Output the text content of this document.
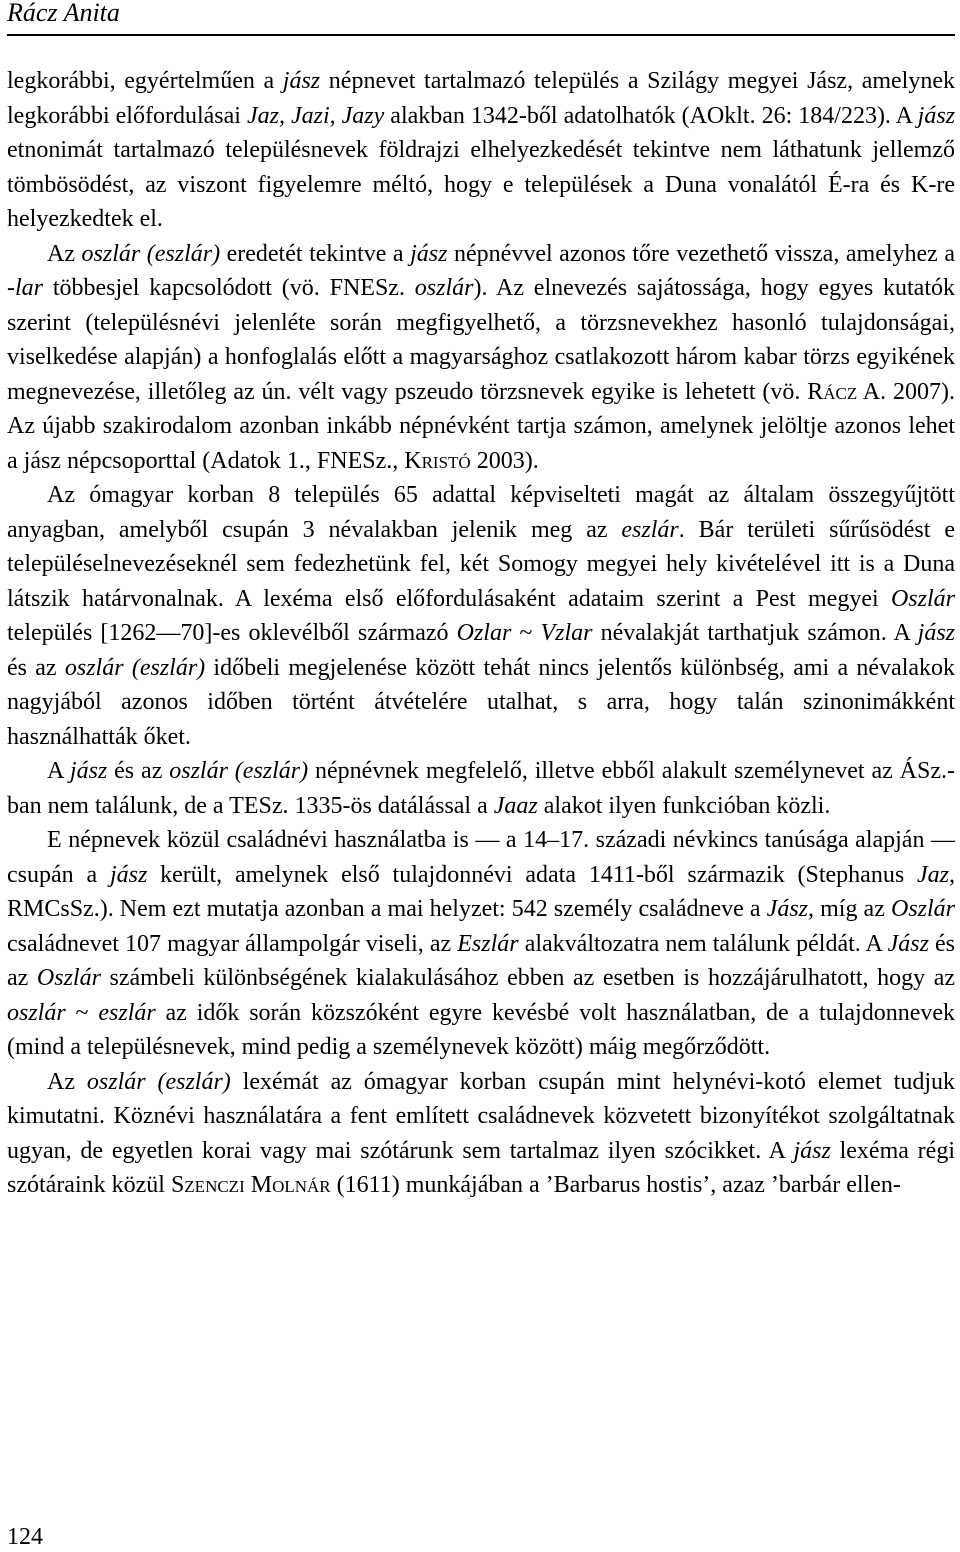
Rácz Anita

legkorábbi, egyértelműen a jász népnevet tartalmazó település a Szilágy megyei Jász, amelynek legkorábbi előfordulásai Jaz, Jazi, Jazy alakban 1342-ből adatolhatók (AOklt. 26: 184/223). A jász etnonimát tartalmazó településnevek földrajzi elhelyezkedését tekintve nem láthatunk jellemző tömbösödést, az viszont figyelemre méltó, hogy e települések a Duna vonalától É-ra és K-re helyezkedtek el.

Az oszlár (eszlár) eredetét tekintve a jász népnévvel azonos tőre vezethető vissza, amelyhez a -lar többesjel kapcsolódott (vö. FNESz. oszlár). Az elnevezés sajátossága, hogy egyes kutatók szerint (településnévi jelenléte során megfigyelhető, a törzsnevekhez hasonló tulajdonságai, viselkedése alapján) a honfoglalás előtt a magyarsághoz csatlakozott három kabar törzs egyikének megnevezése, illetőleg az ún. vélt vagy pszeudo törzsnevek egyike is lehetett (vö. Rácz A. 2007). Az újabb szakirodalom azonban inkább népnévként tartja számon, amelynek jelöltje azonos lehet a jász népcsoporttal (Adatok 1., FNESz., Kristó 2003).

Az ómagyar korban 8 település 65 adattal képviselteti magát az általam összegyűjtött anyagban, amelyből csupán 3 névalakban jelenik meg az eszlár. Bár területi sűrűsödést e településelnevezéseknél sem fedezhetünk fel, két Somogy megyei hely kivételével itt is a Duna látszik határvonalnak. A lexéma első előfordulásaként adataim szerint a Pest megyei Oszlár település [1262—70]-es oklevélből származó Ozlar ~ Vzlar névalakját tarthatjuk számon. A jász és az oszlár (eszlár) időbeli megjelenése között tehát nincs jelentős különbség, ami a névalakok nagyjából azonos időben történt átvételére utalhat, s arra, hogy talán szinonimákként használhatták őket.

A jász és az oszlár (eszlár) népnévnek megfelelő, illetve ebből alakult személynevet az ÁSz.-ban nem találunk, de a TESz. 1335-ös datálással a Jaaz alakot ilyen funkcióban közli.

E népnevek közül családnévi használatba is — a 14–17. századi névkincs tanúsága alapján — csupán a jász került, amelynek első tulajdonnévi adata 1411-ből származik (Stephanus Jaz, RMCsSz.). Nem ezt mutatja azonban a mai helyzet: 542 személy családneve a Jász, míg az Oszlár családnevet 107 magyar állampolgár viseli, az Eszlár alakváltozatra nem találunk példát. A Jász és az Oszlár számbeli különbségének kialakulásához ebben az esetben is hozzájárulhatott, hogy az oszlár ~ eszlár az idők során közszóként egyre kevésbé volt használatban, de a tulajdonnevek (mind a településnevek, mind pedig a személynevek között) máig megőrződött.

Az oszlár (eszlár) lexémát az ómagyar korban csupán mint helynévi-kotó elemet tudjuk kimutatni. Köznévi használatára a fent említett családnevek közvetett bizonyítékot szolgáltatnak ugyan, de egyetlen korai vagy mai szótárunk sem tartalmaz ilyen szócikket. A jász lexéma régi szótáraink közül Szenczi Molnár (1611) munkájában a ’Barbarus hostis’, azaz ’barbár ellen-

124
